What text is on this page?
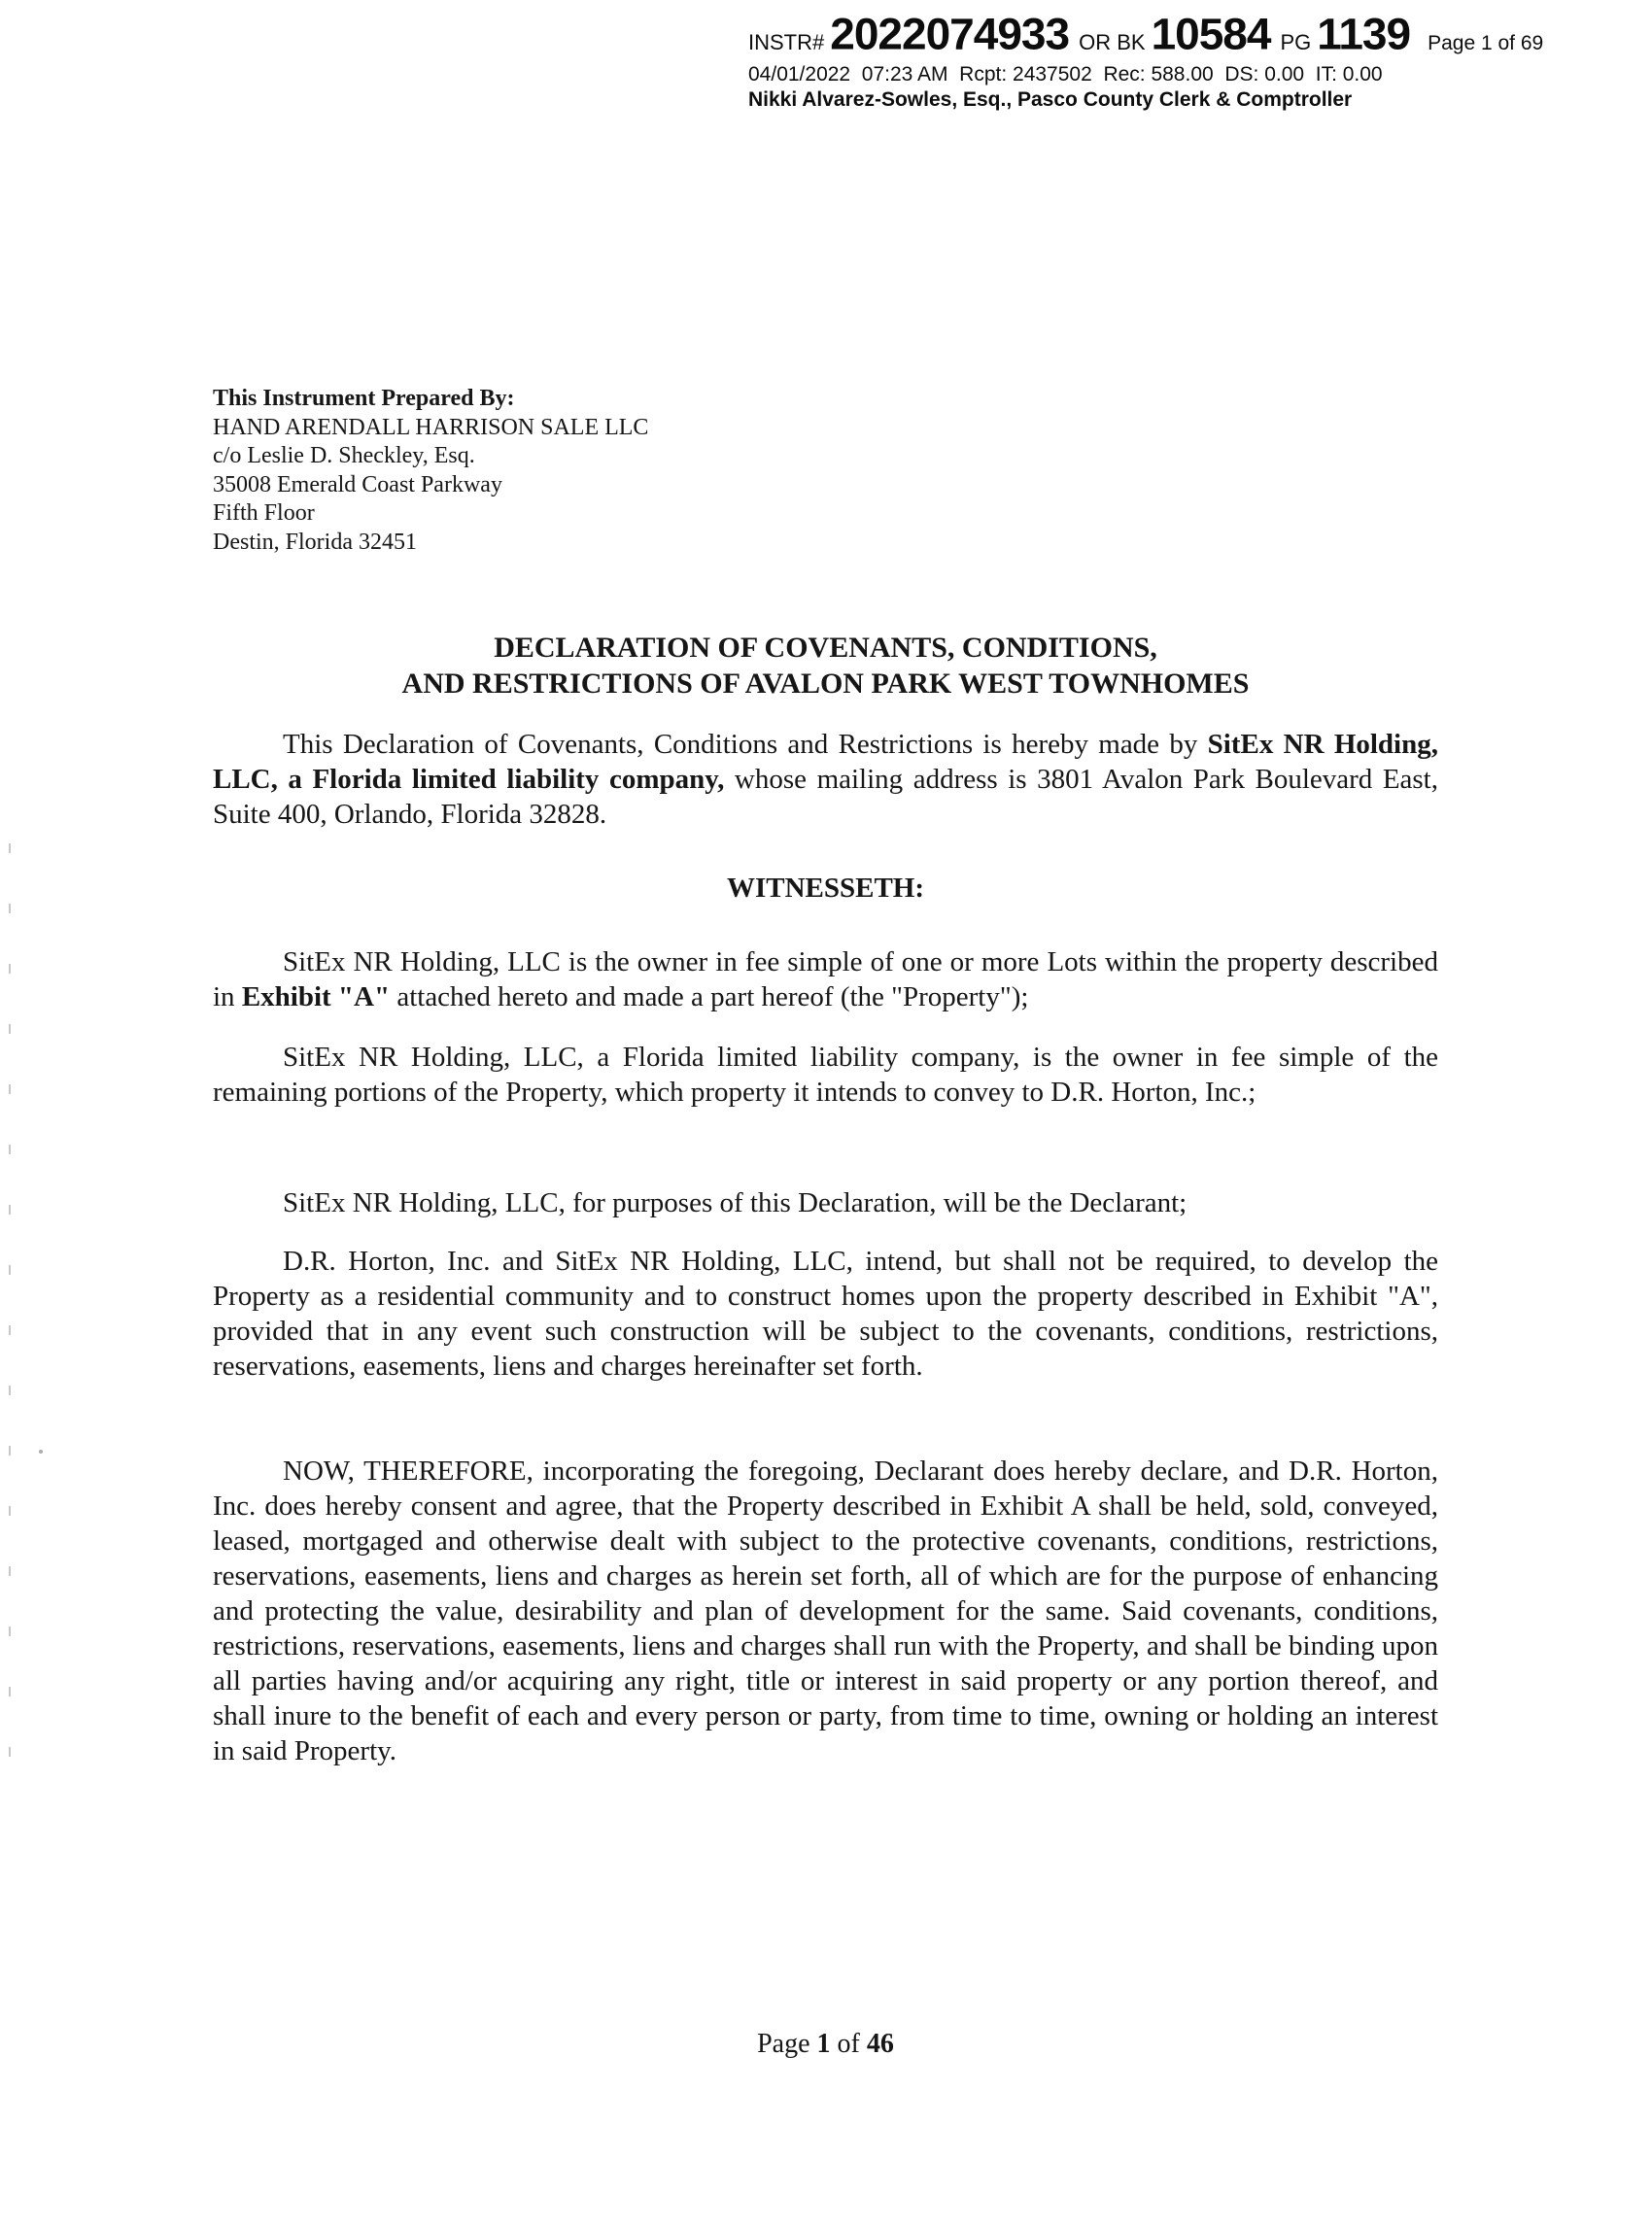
INSTR# 2022074933 OR BK 10584 PG 1139 Page 1 of 69
04/01/2022  07:23 AM  Rcpt: 2437502  Rec: 588.00  DS: 0.00  IT: 0.00
Nikki Alvarez-Sowles, Esq., Pasco County Clerk & Comptroller
This Instrument Prepared By:
HAND ARENDALL HARRISON SALE LLC
c/o Leslie D. Sheckley, Esq.
35008 Emerald Coast Parkway
Fifth Floor
Destin, Florida 32451
DECLARATION OF COVENANTS, CONDITIONS,
AND RESTRICTIONS OF AVALON PARK WEST TOWNHOMES

This Declaration of Covenants, Conditions and Restrictions is hereby made by SitEx NR Holding, LLC, a Florida limited liability company, whose mailing address is 3801 Avalon Park Boulevard East, Suite 400, Orlando, Florida 32828.

WITNESSETH:

SitEx NR Holding, LLC is the owner in fee simple of one or more Lots within the property described in Exhibit "A" attached hereto and made a part hereof (the "Property");

SitEx NR Holding, LLC, a Florida limited liability company, is the owner in fee simple of the remaining portions of the Property, which property it intends to convey to D.R. Horton, Inc.;

SitEx NR Holding, LLC, for purposes of this Declaration, will be the Declarant;

D.R. Horton, Inc. and SitEx NR Holding, LLC, intend, but shall not be required, to develop the Property as a residential community and to construct homes upon the property described in Exhibit "A", provided that in any event such construction will be subject to the covenants, conditions, restrictions, reservations, easements, liens and charges hereinafter set forth.

NOW, THEREFORE, incorporating the foregoing, Declarant does hereby declare, and D.R. Horton, Inc. does hereby consent and agree, that the Property described in Exhibit A shall be held, sold, conveyed, leased, mortgaged and otherwise dealt with subject to the protective covenants, conditions, restrictions, reservations, easements, liens and charges as herein set forth, all of which are for the purpose of enhancing and protecting the value, desirability and plan of development for the same. Said covenants, conditions, restrictions, reservations, easements, liens and charges shall run with the Property, and shall be binding upon all parties having and/or acquiring any right, title or interest in said property or any portion thereof, and shall inure to the benefit of each and every person or party, from time to time, owning or holding an interest in said Property.

Page 1 of 46
